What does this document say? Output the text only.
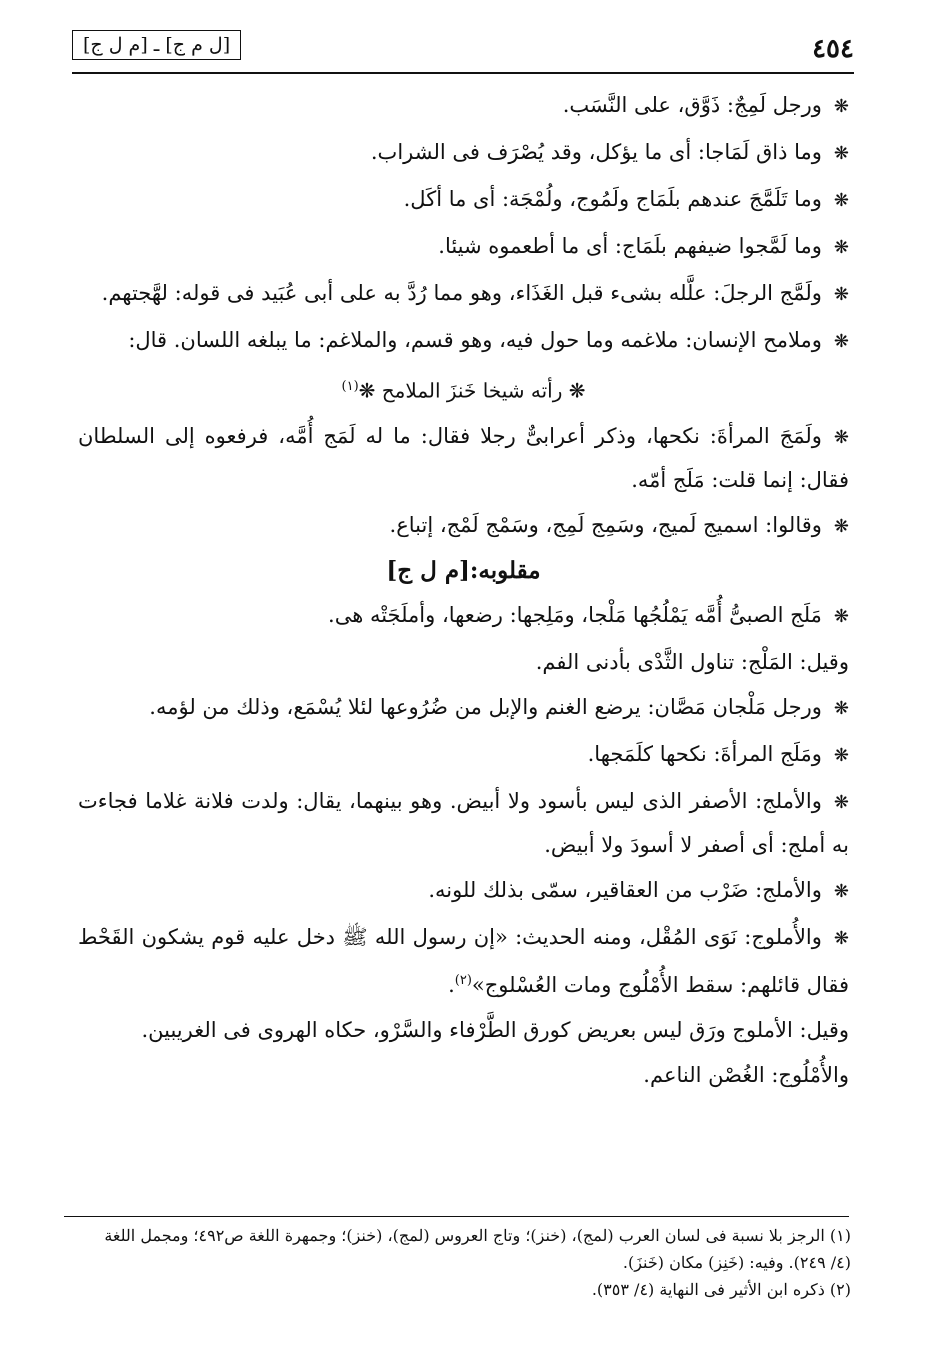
٤٥٤
[ل م ج] ـ [م ل ج]

❋ورجل لَمِجٌ: ذَوَّق، على النَّسَب.

❋وما ذاق لَمَاجا: أى ما يؤكل، وقد يُصْرَف فى الشراب.

❋وما تَلَمَّجَ عندهم بلَمَاج ولَمُوج، ولُمْجَة: أى ما أكَل.

❋وما لَمَّجوا ضيفهم بلَمَاج: أى ما أطعموه شيئا.

❋ولَمَّج الرجلَ: علَّله بشىء قبل الغَذَاء، وهو مما رُدَّ به على أبى عُبَيد فى قوله: لهَّجتهم.

❋وملامح الإنسان: ملاغمه وما حول فيه، وهو قسم، والملاغم: ما يبلغه اللسان. قال:

❋ رأته شيخا خَنزَ الملامح ❋$^{(١)}$

❋ولَمَجَ المرأةَ: نكحها، وذكر أعرابىٌّ رجلا فقال: ما له لَمَج أُمَّه، فرفعوه إلى السلطان فقال: إنما قلت: مَلَج أمّه.

❋وقالوا: اسميج لَميج، وسَمِج لَمِج، وسَمْج لَمْج، إتباع.

مقلوبه:[م ل ج]

❋مَلَج الصبىُّ أُمَّه يَمْلُجُها مَلْجا، ومَلِجها: رضعها، وأملَجَتْه هى.

وقيل: المَلْج: تناول الثَّدْى بأدنى الفم.

❋ورجل مَلْجان مَصَّان: يرضع الغنم والإبل من ضُرُوعها لئلا يُسْمَع، وذلك من لؤمه.

❋ومَلَج المرأةَ: نكحها كلَمَجها.

❋والأملج: الأصفر الذى ليس بأسود ولا أبيض. وهو بينهما، يقال: ولدت فلانة غلاما فجاءت به أملج: أى أصفر لا أسودَ ولا أبيض.

❋والأملج: ضَرْب من العقاقير، سمّى بذلك للونه.

❋والأُملوج: نَوَى المُقْل، ومنه الحديث: «إن رسول الله ﷺ دخل عليه قوم يشكون القَحْط فقال قائلهم: سقط الأُمْلُوج ومات العُسْلوج»$^{(٢)}$.

وقيل: الأملوج ورَق ليس بعريض كورق الطَّرْفاء والسَّرْو، حكاه الهروى فى الغريبين.

والأُمْلُوج: الغُصْن الناعم.

(١) الرجز بلا نسبة فى لسان العرب (لمج)، (خنز)؛ وتاج العروس (لمج)، (خنز)؛ وجمهرة اللغة ص٤٩٢؛ ومجمل اللغة (٤/ ٢٤٩). وفيه: (خَنِز) مكان (خَنزَ).

(٢) ذكره ابن الأثير فى النهاية (٤/ ٣٥٣).
